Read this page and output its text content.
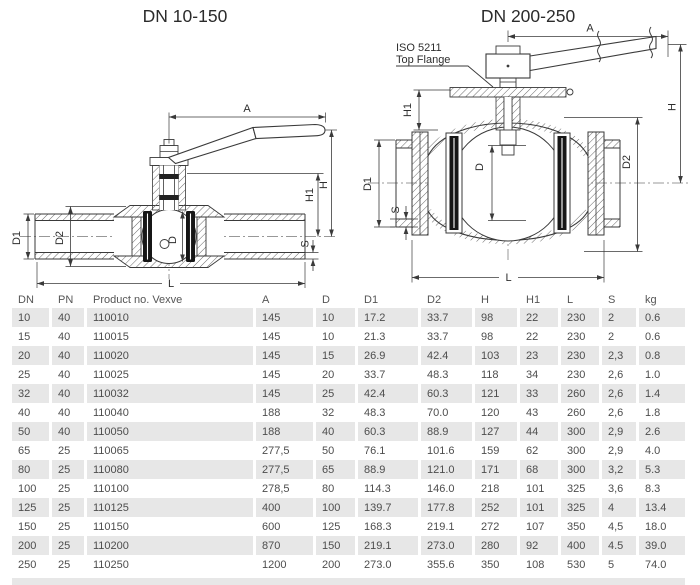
DN 10-150
A
H
H1
D1	D2	D
S
L
DN 200-250
ISO 5211
Top Flange
A
H
H1
D1
D2
D
S
L
DN	PN	Product no. Vexve	A	D	D1	D2	H	H1	L	S	kg
10	40	110010	145	10	17.2	33.7	98	22	230	2	0.6
15	40	110015	145	10	21.3	33.7	98	22	230	2	0.6
20	40	110020	145	15	26.9	42.4	103	23	230	2,3	0.8
25	40	110025	145	20	33.7	48.3	118	34	230	2,6	1.0
32	40	110032	145	25	42.4	60.3	121	33	260	2,6	1.4
40	40	110040	188	32	48.3	70.0	120	43	260	2,6	1.8
50	40	110050	188	40	60.3	88.9	127	44	300	2,9	2.6
65	25	110065	277,5	50	76.1	101.6	159	62	300	2,9	4.0
80	25	110080	277,5	65	88.9	121.0	171	68	300	3,2	5.3
100	25	110100	278,5	80	114.3	146.0	218	101	325	3,6	8.3
125	25	110125	400	100	139.7	177.8	252	101	325	4	13.4
150	25	110150	600	125	168.3	219.1	272	107	350	4,5	18.0
200	25	110200	870	150	219.1	273.0	280	92	400	4.5	39.0
250	25	110250	1200	200	273.0	355.6	350	108	530	5	74.0
